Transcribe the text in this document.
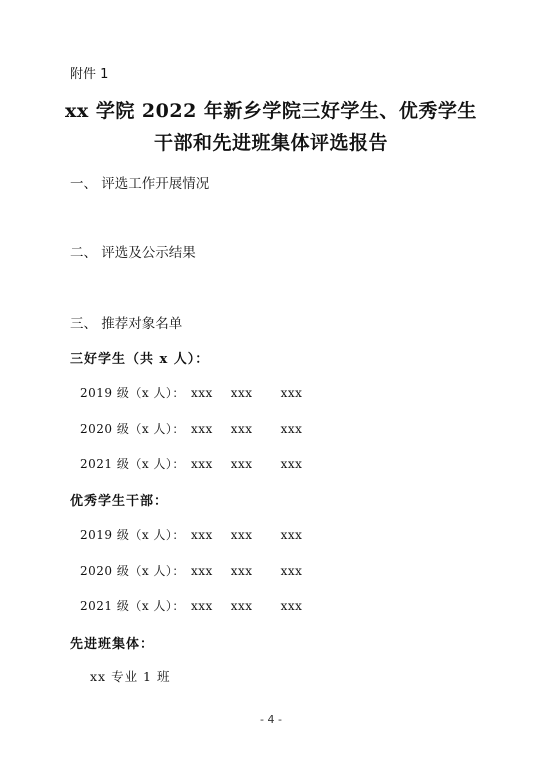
附件 1
xx 学院 2022 年新乡学院三好学生、优秀学生
干部和先进班集体评选报告
一、 评选工作开展情况
二、 评选及公示结果
三、 推荐对象名单
三好学生（共 x 人）：
2019 级（x 人）： xxx xxx xxx
2020 级（x 人）： xxx xxx xxx
2021 级（x 人）： xxx xxx xxx
优秀学生干部：
2019 级（x 人）： xxx xxx xxx
2020 级（x 人）： xxx xxx xxx
2021 级（x 人）： xxx xxx xxx
先进班集体：
xx 专业 1 班
- 4 -
